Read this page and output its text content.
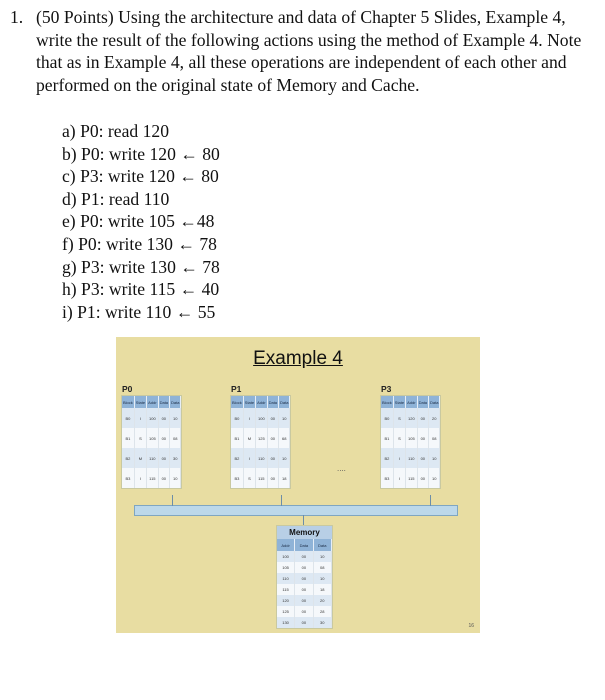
1. (50 Points) Using the architecture and data of Chapter 5 Slides, Example 4, write the result of the following actions using the method of Example 4. Note that as in Example 4, all these operations are independent of each other and performed on the original state of Memory and Cache.
a) P0: read 120
b) P0: write 120 ← 80
c) P3: write 120 ← 80
d) P1: read 110
e) P0: write 105 ←48
f) P0: write 130 ← 78
g) P3: write 130 ← 78
h) P3: write 115 ← 40
i) P1: write 110 ← 55
Example 4
P0
Block	State	Addr	Data	Data
B0	I	100	00	10
B1	S	105	00	08
B2	M	110	00	30
B3	I	115	00	10
P1
Block	State	Addr	Data	Data
B0	I	100	00	10
B1	M	125	00	68
B2	I	110	00	10
B3	S	115	00	18
....
P3
Block	State	Addr	Data	Data
B0	S	120	00	20
B1	S	105	00	08
B2	I	110	00	10
B3	I	115	00	10
Memory
Addr	Data	Data
100	00	10
105	00	08
110	00	10
115	00	18
120	00	20
125	00	28
130	00	30
16
